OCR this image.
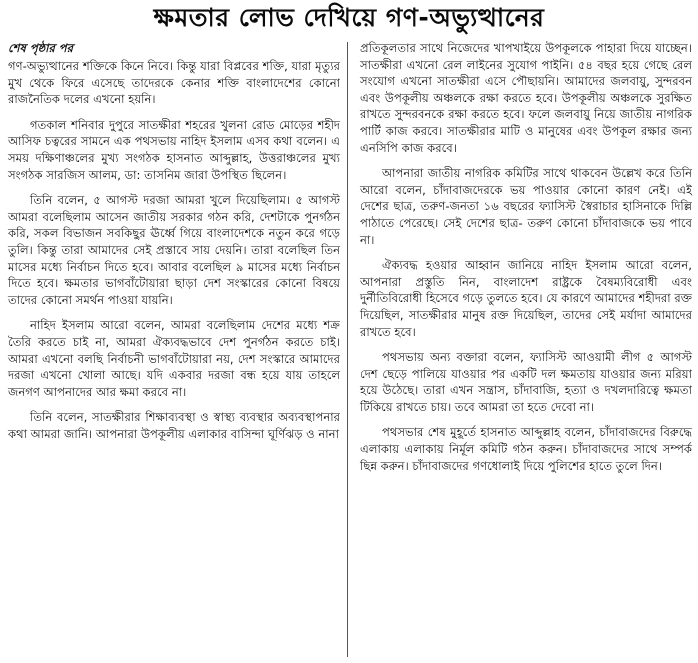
ক্ষমতার লোভ দেখিয়ে গণ-অভ্যুত্থানের
শেষ পৃষ্ঠার পর

গণ-অভ্যুত্থানের শক্তিকে কিনে নিবে। কিন্তু যারা বিপ্লবের শক্তি, যারা মৃত্যুর মুখ থেকে ফিরে এসেছে তাদেরকে কেনার শক্তি বাংলাদেশের কোনো রাজনৈতিক দলের এখনো হয়নি।

গতকাল শনিবার দুপুরে সাতক্ষীরা শহরের খুলনা রোড মোড়ের শহীদ আসিফ চত্বরের সামনে এক পথসভায় নাহিদ ইসলাম এসব কথা বলেন। এ সময় দক্ষিণাঞ্চলের মুখ্য সংগঠক হাসনাত আব্দুল্লাহ, উত্তরাঞ্চলের মুখ্য সংগঠক সারজিস আলম, ডা: তাসনিম জারা উপস্থিত ছিলেন।

তিনি বলেন, ৫ আগস্ট দরজা আমরা খুলে দিয়েছিলাম। ৫ আগস্ট আমরা বলেছিলাম আসেন জাতীয় সরকার গঠন করি, দেশটাকে পুনর্গঠন করি, সকল বিভাজন সবকিছুর ঊর্ধ্বে গিয়ে বাংলাদেশকে নতুন করে গড়ে তুলি। কিন্তু তারা আমাদের সেই প্রস্তাবে সায় দেয়নি। তারা বলেছিল তিন মাসের মধ্যে নির্বাচন দিতে হবে। আবার বলেছিল ৯ মাসের মধ্যে নির্বাচন দিতে হবে। ক্ষমতার ভাগবাঁটোয়ারা ছাড়া দেশ সংস্কারের কোনো বিষয়ে তাদের কোনো সমর্থন পাওয়া যায়নি।

নাহিদ ইসলাম আরো বলেন, আমরা বলেছিলাম দেশের মধ্যে শক্র তৈরি করতে চাই না, আমরা ঐক্যবদ্ধভাবে দেশ পুনর্গঠন করতে চাই। আমরা এখনো বলছি নির্বাচনী ভাগবাঁটোয়ারা নয়, দেশ সংস্কারে আমাদের দরজা এখনো খোলা আছে। যদি একবার দরজা বন্ধ হয়ে যায় তাহলে জনগণ আপনাদের আর ক্ষমা করবে না।

তিনি বলেন, সাতক্ষীরার শিক্ষাব্যবস্থা ও স্বাস্থ্য ব্যবস্থার অব্যবস্থাপনার কথা আমরা জানি। আপনারা উপকূলীয় এলাকার বাসিন্দা ঘূর্ণিঝড় ও নানা

প্রতিকূলতার সাথে নিজেদের খাপখাইয়ে উপকূলকে পাহারা দিয়ে যাচ্ছেন। সাতক্ষীরা এখনো রেল লাইনের সুযোগ পাইনি। ৫৪ বছর হয়ে গেছে রেল সংযোগ এখনো সাতক্ষীরা এসে পৌছায়নি। আমাদের জলবায়ু, সুন্দরবন এবং উপকূলীয় অঞ্চলকে রক্ষা করতে হবে। উপকূলীয় অঞ্চলকে সুরক্ষিত রাখতে সুন্দরবনকে রক্ষা করতে হবে। ফলে জলবায়ু নিয়ে জাতীয় নাগরিক পার্টি কাজ করবে। সাতক্ষীরার মাটি ও মানুষের এবং উপকূল রক্ষার জন্য এনসিপি কাজ করবে।

আপনারা জাতীয় নাগরিক কমিটির সাথে থাকবেন উল্লেখ করে তিনি আরো বলেন, চাঁদাবাজদেরকে ভয় পাওয়ার কোনো কারণ নেই। এই দেশের ছাত্র, তরুণ-জনতা ১৬ বছরের ফ্যাসিস্ট স্বৈরাচার হাসিনাকে দিল্লি পাঠাতে পেরেছে। সেই দেশের ছাত্র- তরুণ কোনো চাঁদাবাজকে ভয় পাবে না।

ঐক্যবদ্ধ হওয়ার আহ্বান জানিয়ে নাহিদ ইসলাম আরো বলেন, আপনারা প্রস্তুতি নিন, বাংলাদেশ রাষ্ট্রকে বৈষম্যবিরোধী এবং দুর্নীতিবিরোধী হিসেবে গড়ে তুলতে হবে। যে কারণে আমাদের শহীদরা রক্ত দিয়েছিল, সাতক্ষীরার মানুষ রক্ত দিয়েছিল, তাদের সেই মর্যাদা আমাদের রাখতে হবে।

পথসভায় অন্য বক্তারা বলেন, ফ্যাসিস্ট আওয়ামী লীগ ৫ আগস্ট দেশ ছেড়ে পালিয়ে যাওয়ার পর একটি দল ক্ষমতায় যাওয়ার জন্য মরিয়া হয়ে উঠেছে। তারা এখন সন্ত্রাস, চাঁদাবাজি, হত্যা ও দখলদারিত্বে ক্ষমতা টিকিয়ে রাখতে চায়। তবে আমরা তা হতে দেবো না।

পথসভার শেষ মুহূর্তে হাসনাত আব্দুল্লাহ বলেন, চাঁদাবাজদের বিরুদ্ধে এলাকায় এলাকায় নির্মূল কমিটি গঠন করুন। চাঁদাবাজদের সাথে সম্পর্ক ছিন্ন করুন। চাঁদাবাজদের গণধোলাই দিয়ে পুলিশের হাতে তুলে দিন।
